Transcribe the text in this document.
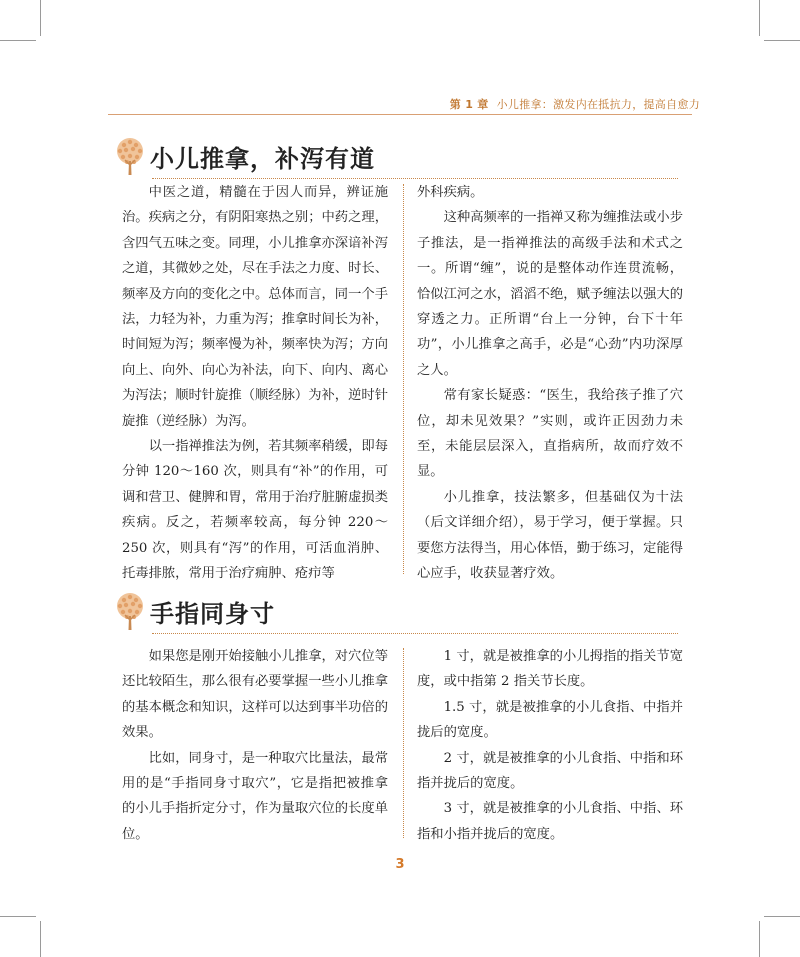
第 1 章 小儿推拿：激发内在抵抗力，提高自愈力
小儿推拿，补泻有道

中医之道，精髓在于因人而异，辨证施治。疾病之分，有阴阳寒热之别；中药之理，含四气五味之变。同理，小儿推拿亦深谙补泻之道，其微妙之处，尽在手法之力度、时长、频率及方向的变化之中。总体而言，同一个手法，力轻为补，力重为泻；推拿时间长为补，时间短为泻；频率慢为补，频率快为泻；方向向上、向外、向心为补法，向下、向内、离心为泻法；顺时针旋推（顺经脉）为补，逆时针旋推（逆经脉）为泻。

以一指禅推法为例，若其频率稍缓，即每分钟 120～160 次，则具有“补”的作用，可调和营卫、健脾和胃，常用于治疗脏腑虚损类疾病。反之，若频率较高，每分钟 220～250 次，则具有“泻”的作用，可活血消肿、托毒排脓，常用于治疗痈肿、疮疖等

外科疾病。

这种高频率的一指禅又称为缠推法或小步子推法，是一指禅推法的高级手法和术式之一。所谓“缠”，说的是整体动作连贯流畅，恰似江河之水，滔滔不绝，赋予缠法以强大的穿透之力。正所谓“台上一分钟，台下十年功”，小儿推拿之高手，必是“心劲”内功深厚之人。

常有家长疑惑：“医生，我给孩子推了穴位，却未见效果？”实则，或许正因劲力未至，未能层层深入，直指病所，故而疗效不显。

小儿推拿，技法繁多，但基础仅为十法（后文详细介绍），易于学习，便于掌握。只要您方法得当，用心体悟，勤于练习，定能得心应手，收获显著疗效。

手指同身寸

如果您是刚开始接触小儿推拿，对穴位等还比较陌生，那么很有必要掌握一些小儿推拿的基本概念和知识，这样可以达到事半功倍的效果。

比如，同身寸，是一种取穴比量法，最常用的是“手指同身寸取穴”，它是指把被推拿的小儿手指折定分寸，作为量取穴位的长度单位。

1 寸，就是被推拿的小儿拇指的指关节宽度，或中指第 2 指关节长度。

1.5 寸，就是被推拿的小儿食指、中指并拢后的宽度。

2 寸，就是被推拿的小儿食指、中指和环指并拢后的宽度。

3 寸，就是被推拿的小儿食指、中指、环指和小指并拢后的宽度。

3
